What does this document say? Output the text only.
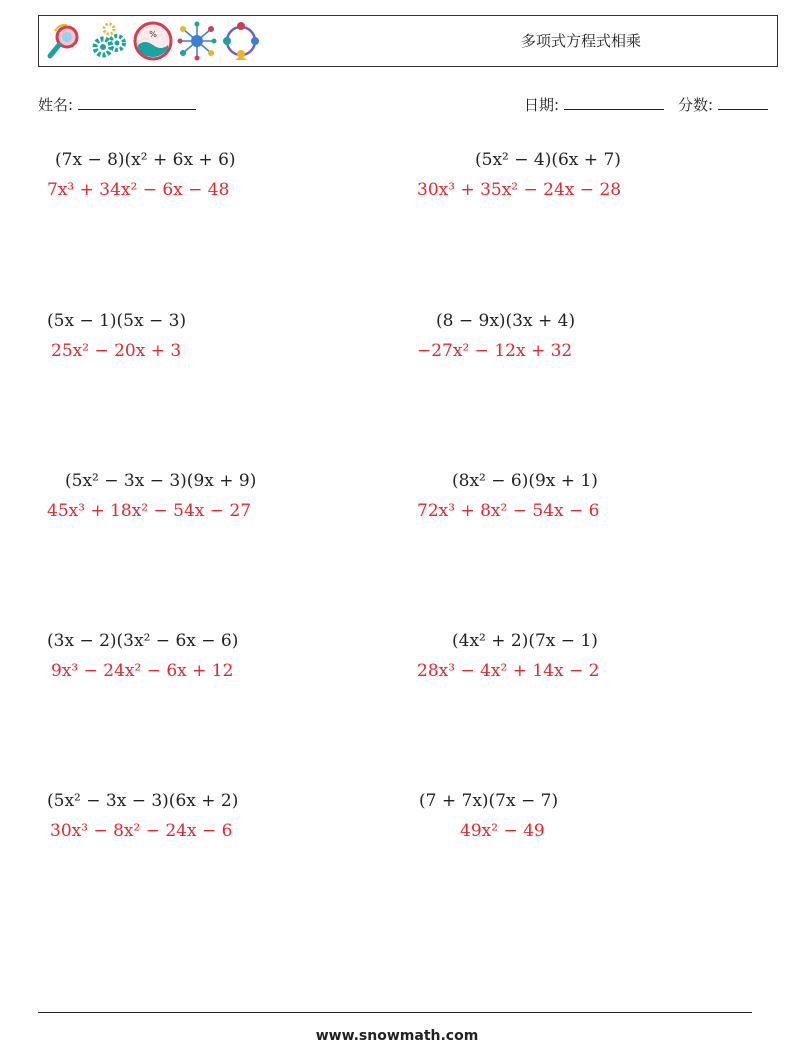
%	多项式方程式相乘
姓名:	日期:	分数:
(7x − 8)(x² + 6x + 6)
7x³ + 34x² − 6x − 48
(5x² − 4)(6x + 7)
30x³ + 35x² − 24x − 28
(5x − 1)(5x − 3)
25x² − 20x + 3
(8 − 9x)(3x + 4)
−27x² − 12x + 32
(5x² − 3x − 3)(9x + 9)
45x³ + 18x² − 54x − 27
(8x² − 6)(9x + 1)
72x³ + 8x² − 54x − 6
(3x − 2)(3x² − 6x − 6)
9x³ − 24x² − 6x + 12
(4x² + 2)(7x − 1)
28x³ − 4x² + 14x − 2
(5x² − 3x − 3)(6x + 2)
30x³ − 8x² − 24x − 6
(7 + 7x)(7x − 7)
49x² − 49
www.snowmath.com
